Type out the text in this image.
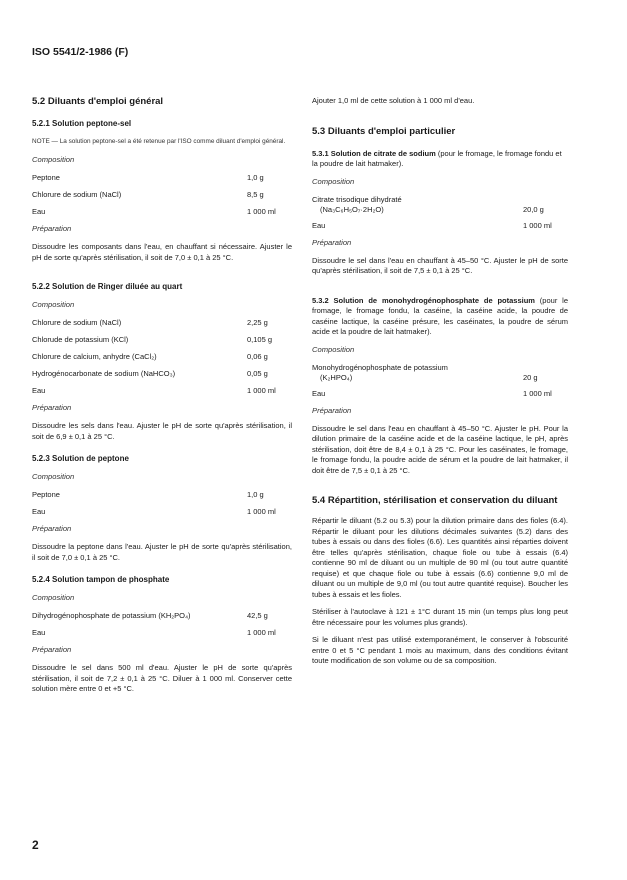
ISO 5541/2-1986 (F)
5.2 Diluants d'emploi général
5.2.1 Solution peptone-sel
NOTE — La solution peptone-sel a été retenue par l'ISO comme diluant d'emploi général.
Composition
Peptone	1,0 g
Chlorure de sodium (NaCl)	8,5 g
Eau	1 000 ml
Préparation
Dissoudre les composants dans l'eau, en chauffant si nécessaire. Ajuster le pH de sorte qu'après stérilisation, il soit de 7,0 ± 0,1 à 25 °C.
5.2.2 Solution de Ringer diluée au quart
Composition
Chlorure de sodium (NaCl)	2,25 g
Chlorude de potassium (KCl)	0,105 g
Chlorure de calcium, anhydre (CaCl₂)	0,06 g
Hydrogénocarbonate de sodium (NaHCO₃)	0,05 g
Eau	1 000 ml
Préparation
Dissoudre les sels dans l'eau. Ajuster le pH de sorte qu'après stérilisation, il soit de 6,9 ± 0,1 à 25 °C.
5.2.3 Solution de peptone
Composition
Peptone	1,0 g
Eau	1 000 ml
Préparation
Dissoudre la peptone dans l'eau. Ajuster le pH de sorte qu'après stérilisation, il soit de 7,0 ± 0,1 à 25 °C.
5.2.4 Solution tampon de phosphate
Composition
Dihydrogénophosphate de potassium (KH₂PO₄)	42,5 g
Eau	1 000 ml
Préparation
Dissoudre le sel dans 500 ml d'eau. Ajuster le pH de sorte qu'après stérilisation, il soit de 7,2 ± 0,1 à 25 °C. Diluer à 1 000 ml. Conserver cette solution mère entre 0 et +5 °C.
Ajouter 1,0 ml de cette solution à 1 000 ml d'eau.
5.3 Diluants d'emploi particulier
5.3.1 Solution de citrate de sodium (pour le fromage, le fromage fondu et la poudre de lait hatmaker).
Composition
Citrate trisodique dihydraté
(Na₃C₆H₅O₇·2H₂O)	20,0 g
Eau	1 000 ml
Préparation
Dissoudre le sel dans l'eau en chauffant à 45–50 °C. Ajuster le pH de sorte qu'après stérilisation, il soit de 7,5 ± 0,1 à 25 °C.
5.3.2 Solution de monohydrogénophosphate de potassium (pour le fromage, le fromage fondu, la caséine, la caséine acide, la poudre de caséine lactique, la caséine présure, les caséinates, la poudre de sérum acide et la poudre de lait hatmaker).
Composition
Monohydrogénophosphate de potassium
(K₂HPO₄)	20 g
Eau	1 000 ml
Préparation
Dissoudre le sel dans l'eau en chauffant à 45–50 °C. Ajuster le pH. Pour la dilution primaire de la caséine acide et de la caséine lactique, le pH, après stérilisation, doit être de 8,4 ± 0,1 à 25 °C. Pour les caséinates, le fromage, le fromage fondu, la poudre acide de sérum et la poudre de lait hatmaker, il doit être de 7,5 ± 0,1 à 25 °C.
5.4 Répartition, stérilisation et conservation du diluant
Répartir le diluant (5.2 ou 5.3) pour la dilution primaire dans des fioles (6.4). Répartir le diluant pour les dilutions décimales suivantes (5.2) dans des tubes à essais ou dans des fioles (6.6). Les quantités ainsi réparties doivent être telles qu'après stérilisation, chaque fiole ou tube à essais (6.4) contienne 90 ml de diluant ou un multiple de 90 ml (ou tout autre quantité requise) et que chaque fiole ou tube à essais (6.6) contienne 9,0 ml de diluant ou un multiple de 9,0 ml (ou tout autre quantité requise). Boucher les tubes à essais et les fioles.
Stériliser à l'autoclave à 121 ± 1°C durant 15 min (un temps plus long peut être nécessaire pour les volumes plus grands).
Si le diluant n'est pas utilisé extemporanément, le conserver à l'obscurité entre 0 et 5 °C pendant 1 mois au maximum, dans des conditions évitant toute modification de son volume ou de sa composition.
2
